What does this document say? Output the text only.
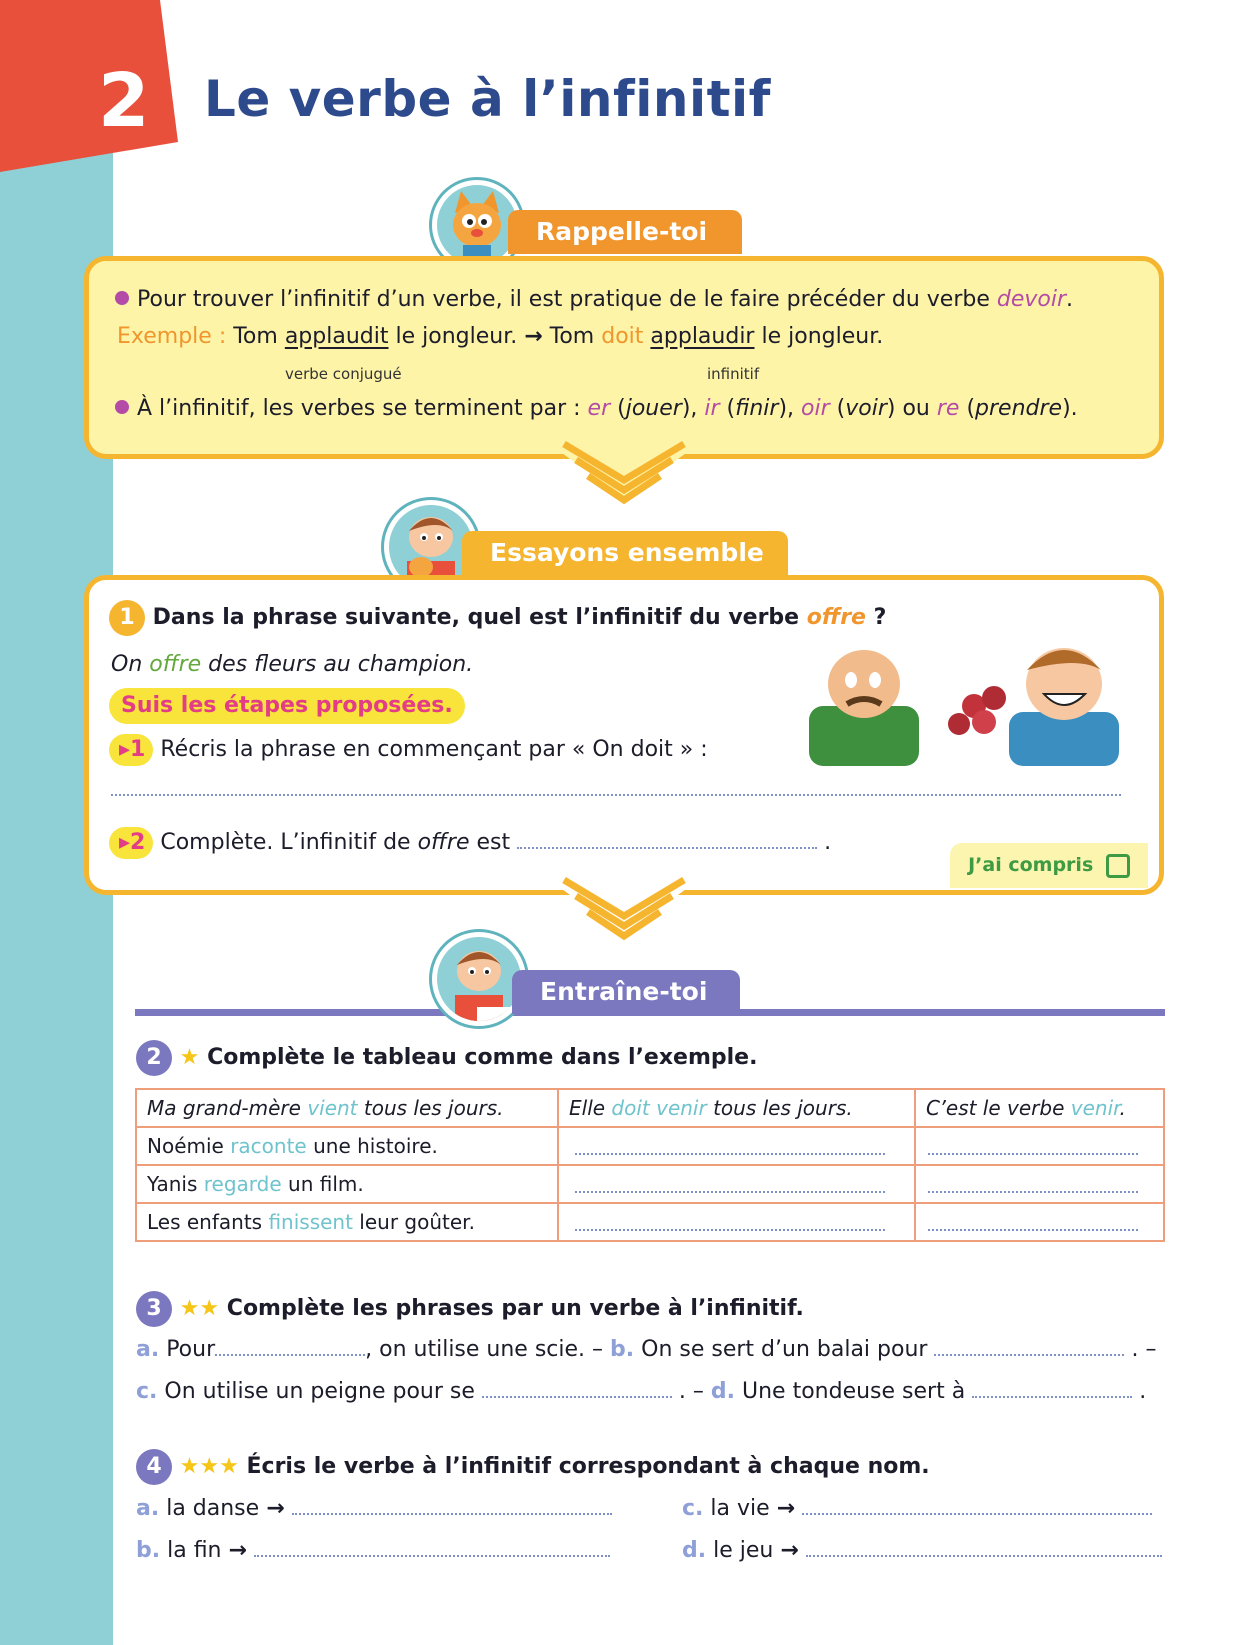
2 Le verbe à l’infinitif
Rappelle-toi
Pour trouver l’infinitif d’un verbe, il est pratique de le faire précéder du verbe devoir.
Exemple : Tom applaudit le jongleur. → Tom doit applaudir le jongleur.
verbe conjugué	infinitif
À l’infinitif, les verbes se terminent par : er (jouer), ir (finir), oir (voir) ou re (prendre).
Essayons ensemble
1 Dans la phrase suivante, quel est l’infinitif du verbe offre ?
On offre des fleurs au champion.
Suis les étapes proposées.
▸1 Récris la phrase en commençant par « On doit » :
▸2 Complète. L’infinitif de offre est	.
J’ai compris
Entraîne-toi !
2 ★ Complète le tableau comme dans l’exemple.
Ma grand-mère vient tous les jours.	Elle doit venir tous les jours.	C’est le verbe venir.
Noémie raconte une histoire.		
Yanis regarde un film.		
Les enfants finissent leur goûter.		
3 ★★ Complète les phrases par un verbe à l’infinitif.
a. Pour	, on utilise une scie. – b. On se sert d’un balai pour	. –
c. On utilise un peigne pour se	. – d. Une tondeuse sert à	.
4 ★★★ Écris le verbe à l’infinitif correspondant à chaque nom.
a. la danse →
b. la fin →
c. la vie →
d. le jeu →
